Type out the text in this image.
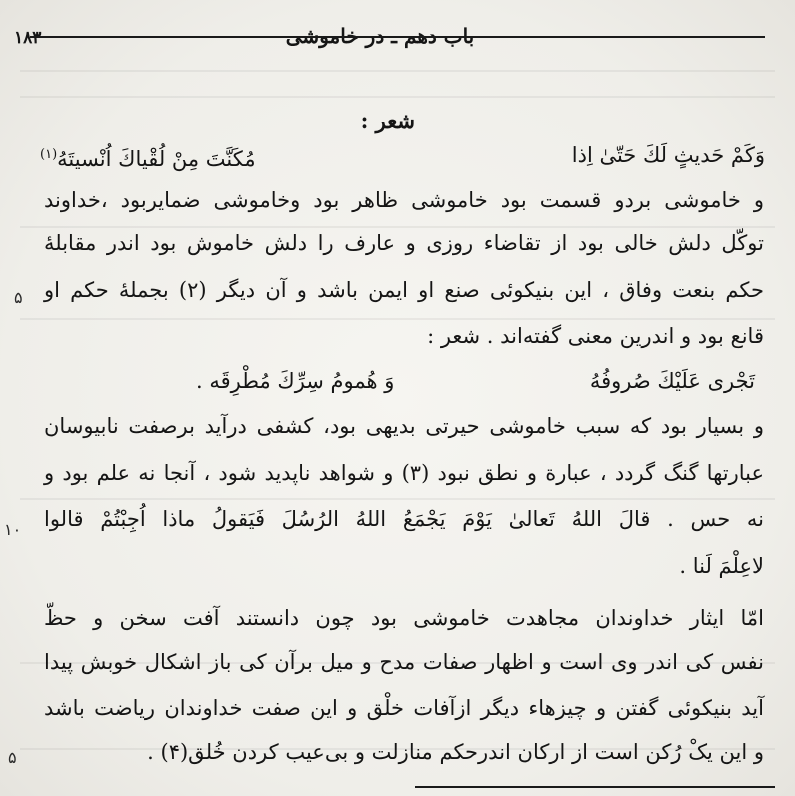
۱۸۳	باب دهم ـ در خاموشی
شعر :
وَكَمْ حَديثٍ لَكَ حَتّیٰ اِذا
مُكَنَّتَ مِنْ لُقْیاكَ اُنْسیتَهُ$^{(۱)}$
و خاموشی بردو قسمت بود خاموشی ظاهر بود وخاموشی ضمایربود ،خداوند
توکّل دلش خالی بود از تقاضاء روزی و عارف را دلش خاموش بود اندر مقابلهٔ
حکم بنعت وفاق ، این بنیکوئی صنع او ایمن باشد و آن دیگر (۲) بجملهٔ حکم او
قانع بود و اندرین معنی گفته‌اند . شعر :
تَجْری عَلَیْكَ صُروفُهُ
وَ هُمومُ سِرِّكَ مُطْرِقَه .
و بسیار بود که سبب خاموشی حیرتی بدیهی بود، کشفی درآید برصفت نابیوسان
عبارتها گنگ گردد ، عبارة و نطق نبود (۳) و شواهد ناپدید شود ، آنجا نه علم بود و
نه حس . قالَ اللهُ تَعالیٰ یَوْمَ یَجْمَعُ اللهُ الرُسُلَ فَیَقولُ ماذا اُجِبْتُمْ قالوا
لاعِلْمَ لَنا .
امّا ایثار خداوندان مجاهدت خاموشی بود چون دانستند آفت سخن و حظّ
نفس کی اندر وی است و اظهار صفات مدح و میل برآن کی باز اشکال خوبش پیدا
آید بنیکوئی گفتن و چیزهاء دیگر ازآفات خلْق و این صفت خداوندان ریاضت باشد
و این یکْ رُکن است از ارکان اندرحکم منازلت و بی‌عیب کردن خُلق(۴) .
۵
۱۰
۵
